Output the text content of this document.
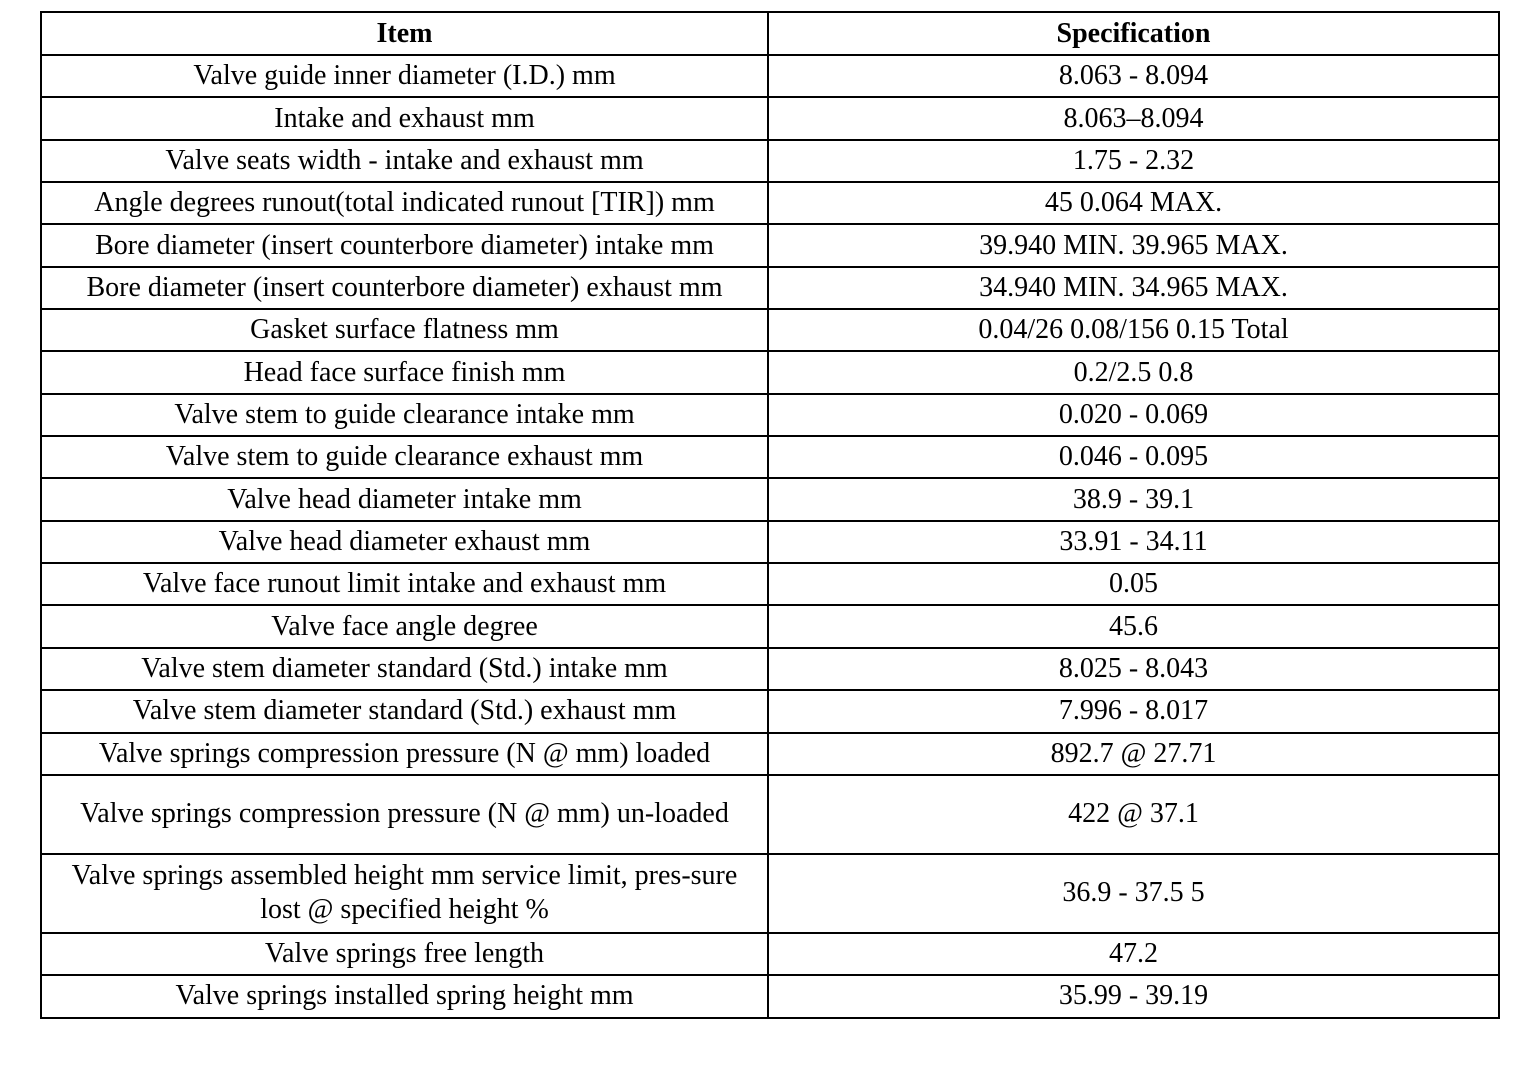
Item	Specification
Valve guide inner diameter (I.D.) mm	8.063 - 8.094
Intake and exhaust mm	8.063–8.094
Valve seats width - intake and exhaust mm	1.75 - 2.32
Angle degrees runout(total indicated runout [TIR]) mm	45 0.064 MAX.
Bore diameter (insert counterbore diameter) intake mm	39.940 MIN. 39.965 MAX.
Bore diameter (insert counterbore diameter) exhaust mm	34.940 MIN. 34.965 MAX.
Gasket surface flatness mm	0.04/26 0.08/156 0.15 Total
Head face surface finish mm	0.2/2.5 0.8
Valve stem to guide clearance intake mm	0.020 - 0.069
Valve stem to guide clearance exhaust mm	0.046 - 0.095
Valve head diameter intake mm	38.9 - 39.1
Valve head diameter exhaust mm	33.91 - 34.11
Valve face runout limit intake and exhaust mm	0.05
Valve face angle degree	45.6
Valve stem diameter standard (Std.) intake mm	8.025 - 8.043
Valve stem diameter standard (Std.) exhaust mm	7.996 - 8.017
Valve springs compression pressure (N @ mm) loaded	892.7 @ 27.71
Valve springs compression pressure (N @ mm) un-loaded	422 @ 37.1
Valve springs assembled height mm service limit, pres-sure lost @ specified height %	36.9 - 37.5 5
Valve springs free length	47.2
Valve springs installed spring height mm	35.99 - 39.19
